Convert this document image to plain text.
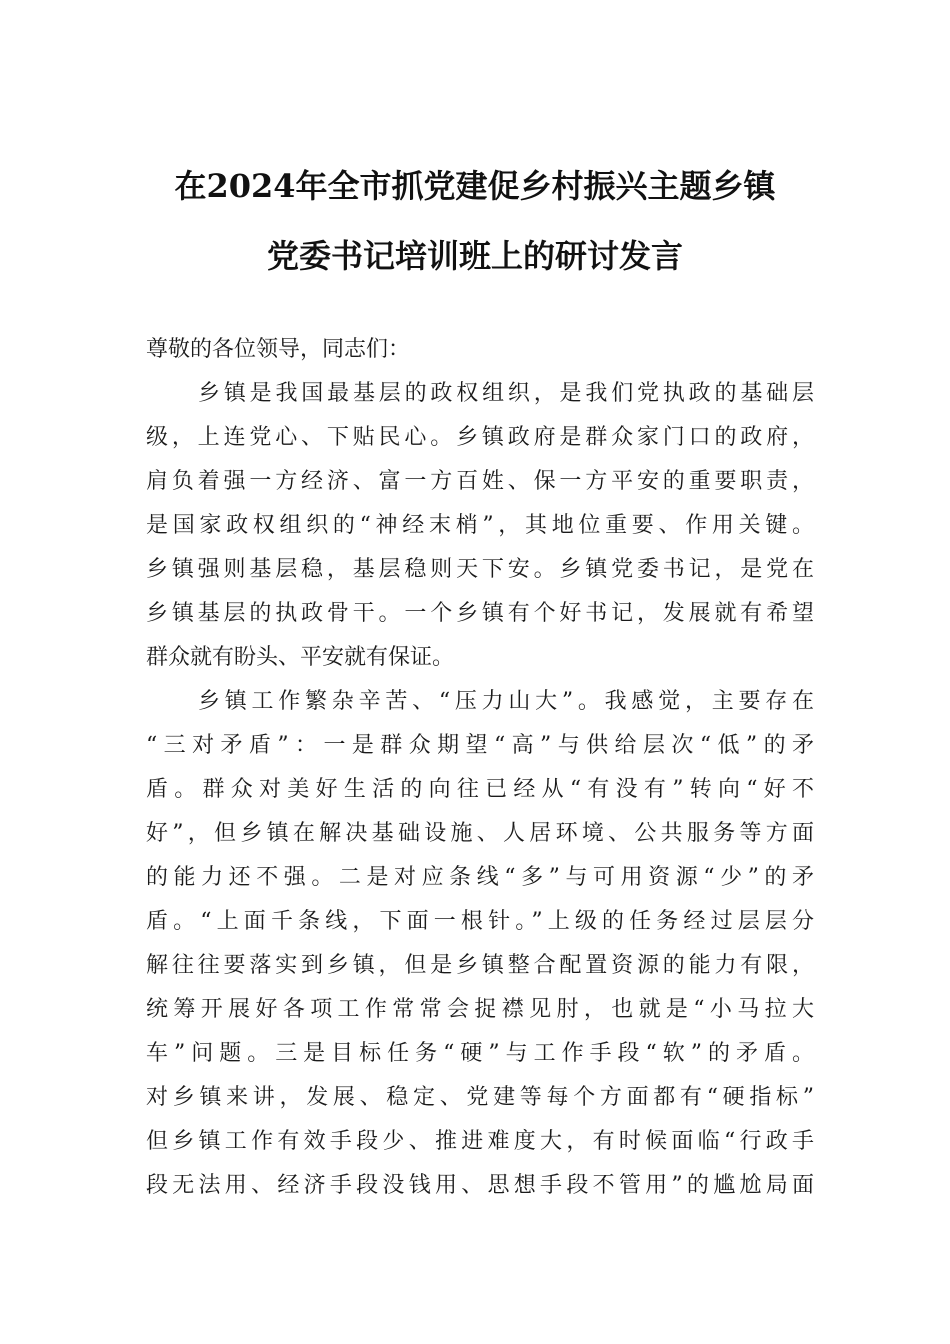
在2024年全市抓党建促乡村振兴主题乡镇
党委书记培训班上的研讨发言
尊敬的各位领导，同志们：
乡镇是我国最基层的政权组织，是我们党执政的基础层
级，上连党心、下贴民心。乡镇政府是群众家门口的政府，
肩负着强一方经济、富一方百姓、保一方平安的重要职责，
是国家政权组织的“神经末梢”，其地位重要、作用关键。
乡镇强则基层稳，基层稳则天下安。乡镇党委书记，是党在
乡镇基层的执政骨干。一个乡镇有个好书记，发展就有希望
群众就有盼头、平安就有保证。
乡镇工作繁杂辛苦、“压力山大”。我感觉，主要存在
“三对矛盾”：一是群众期望“高”与供给层次“低”的矛
盾。群众对美好生活的向往已经从“有没有”转向“好不
好”，但乡镇在解决基础设施、人居环境、公共服务等方面
的能力还不强。二是对应条线“多”与可用资源“少”的矛
盾。“上面千条线，下面一根针。”上级的任务经过层层分
解往往要落实到乡镇，但是乡镇整合配置资源的能力有限，
统筹开展好各项工作常常会捉襟见肘，也就是“小马拉大
车”问题。三是目标任务“硬”与工作手段“软”的矛盾。
对乡镇来讲，发展、稳定、党建等每个方面都有“硬指标”
但乡镇工作有效手段少、推进难度大，有时候面临“行政手
段无法用、经济手段没钱用、思想手段不管用”的尴尬局面
